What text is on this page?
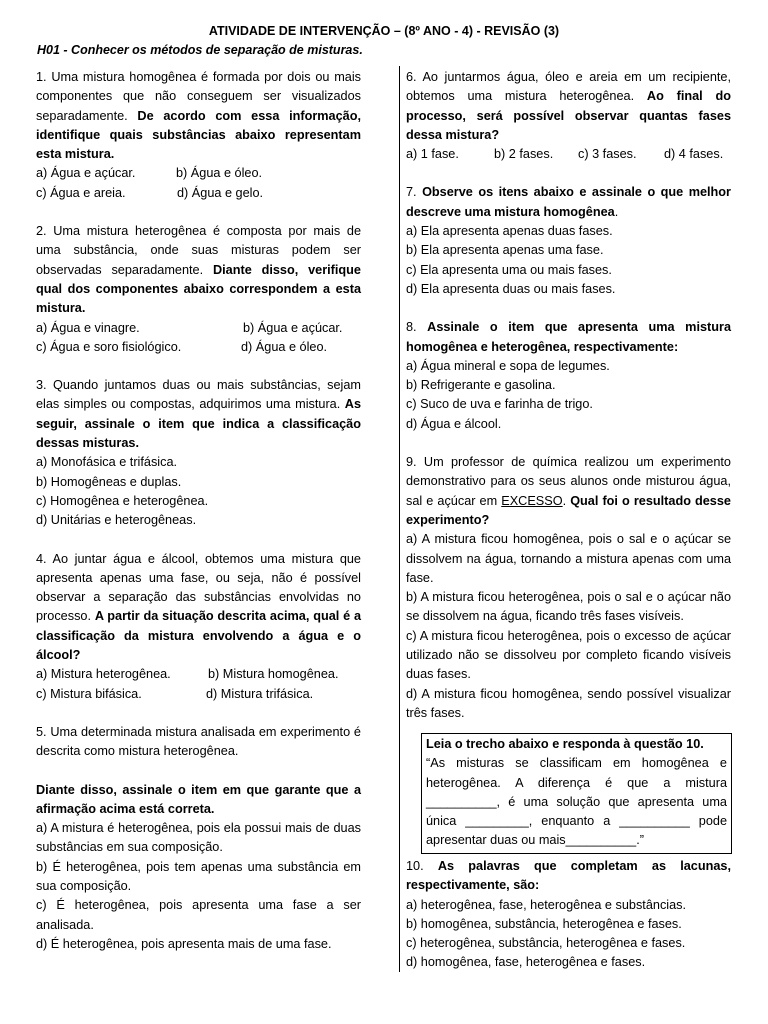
ATIVIDADE DE INTERVENÇÃO – (8º ANO - 4) - REVISÃO (3)
H01 - Conhecer os métodos de separação de misturas.

1. Uma mistura homogênea é formada por dois ou mais componentes que não conseguem ser visualizados separadamente. De acordo com essa informação, identifique quais substâncias abaixo representam esta mistura.

a) Água e açúcar.	b) Água e óleo.
c) Água e areia.	d) Água e gelo.

2. Uma mistura heterogênea é composta por mais de uma substância, onde suas misturas podem ser observadas separadamente. Diante disso, verifique qual dos componentes abaixo correspondem a esta mistura.

a) Água e vinagre.	b) Água e açúcar.
c) Água e soro fisiológico.	d) Água e óleo.

3. Quando juntamos duas ou mais substâncias, sejam elas simples ou compostas, adquirimos uma mistura. As seguir, assinale o item que indica a classificação dessas misturas.

a) Monofásica e trifásica.
b) Homogêneas e duplas.
c) Homogênea e heterogênea.
d) Unitárias e heterogêneas.

4. Ao juntar água e álcool, obtemos uma mistura que apresenta apenas uma fase, ou seja, não é possível observar a separação das substâncias envolvidas no processo. A partir da situação descrita acima, qual é a classificação da mistura envolvendo a água e o álcool?

a) Mistura heterogênea.	b) Mistura homogênea.
c) Mistura bifásica.	d) Mistura trifásica.

5. Uma determinada mistura analisada em experimento é descrita como mistura heterogênea.

Diante disso, assinale o item em que garante que a afirmação acima está correta.

a) A mistura é heterogênea, pois ela possui mais de duas substâncias em sua composição.

b) É heterogênea, pois tem apenas uma substância em sua composição.

c) É heterogênea, pois apresenta uma fase a ser analisada.

d) É heterogênea, pois apresenta mais de uma fase.

6. Ao juntarmos água, óleo e areia em um recipiente, obtemos uma mistura heterogênea. Ao final do processo, será possível observar quantas fases dessa mistura?

a) 1 fase.	b) 2 fases. c) 3 fases. d) 4 fases.

7. Observe os itens abaixo e assinale o que melhor descreve uma mistura homogênea.

a) Ela apresenta apenas duas fases.
b) Ela apresenta apenas uma fase.
c) Ela apresenta uma ou mais fases.
d) Ela apresenta duas ou mais fases.

8. Assinale o item que apresenta uma mistura homogênea e heterogênea, respectivamente:

a) Água mineral e sopa de legumes.
b) Refrigerante e gasolina.
c) Suco de uva e farinha de trigo.
d) Água e álcool.

9. Um professor de química realizou um experimento demonstrativo para os seus alunos onde misturou água, sal e açúcar em EXCESSO. Qual foi o resultado desse experimento?

a) A mistura ficou homogênea, pois o sal e o açúcar se dissolvem na água, tornando a mistura apenas com uma fase.

b) A mistura ficou heterogênea, pois o sal e o açúcar não se dissolvem na água, ficando três fases visíveis.

c) A mistura ficou heterogênea, pois o excesso de açúcar utilizado não se dissolveu por completo ficando visíveis duas fases.

d) A mistura ficou homogênea, sendo possível visualizar três fases.

Leia o trecho abaixo e responda à questão 10.

“As misturas se classificam em homogênea e heterogênea. A diferença é que a mistura __________, é uma solução que apresenta uma única _________, enquanto a __________ pode apresentar duas ou mais__________.”

10. As palavras que completam as lacunas, respectivamente, são:

a) heterogênea, fase, heterogênea e substâncias.
b) homogênea, substância, heterogênea e fases.
c) heterogênea, substância, heterogênea e fases.
d) homogênea, fase, heterogênea e fases.
